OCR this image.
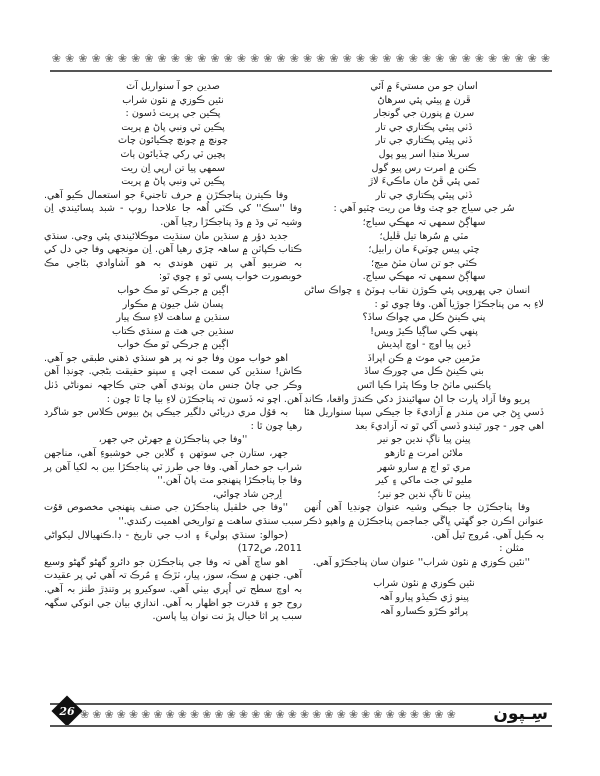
❀ ❀ ❀ ❀ ❀ ❀ ❀ ❀ ❀ ❀ ❀ ❀ ❀ ❀ ❀ ❀ ❀ ❀ ❀ ❀ ❀ ❀ ❀ ❀ ❀ ❀ ❀ ❀ ❀ ❀ ❀ ❀ ❀ ❀ ❀ ❀ ❀ ❀
اسان جو من مستيءَ ۾ آئي
ڦرن ۾ پيئي پئي سرهاڻ
سرن ۾ پنورن جي گونجار
ڏٺي پيئي پڪتاري جي تار
ڏٺي پيئي پڪتاري جي تار
سريلا منڊا اسر پيو پول
ڪنن ۾ امرت رس پيو گول
ٿمي پئي ڦڻ مان ماڪيءَ لاڙ
ڏٺي پيئي پڪتاري جي تار
سُر جي سياج جو چٽ وفا من ريت چٽيو آهي :
سهاڳڻ سمهي تہ مهڪي سياج؛
مٽي ۾ سُرها تيل ڦليل؛
چٽي پيس چوٽيءَ مان رابيل؛
ڪٽي جو تن سان مٽڻ ميڄ؛
سهاڳڻ سمهي تہ مهڪي سياج.
انسان جي ڀهروپي پئي ڪوڙن نقاب ہوٽڻ ۽ چواڪ ساڻن لاءِ بہ من پناجڪڙا جوڙيا آهن. وفا چوي ٿو :
پني ڪينڻ ڪل مي چواڪ ساڏ؟
پنهي ڪي ساڳيا ڪيڙ ويس!
ڏين پيا اوچ - اوچ اپديش
مڙمين جي موٽ ۾ ڪن اپراڏ
بني ڪينڻ ڪل مي چورڪ ساڏ
پاڪنبي ماٺڻ جا وڪا پٽرا ڪيا اٿس
پريو وفا آزاد ڀارت جا اڻ سهائيندڙ دکي ڪندڙ واقعا، ڪانڊ ڏسي ڀِڻ جي من مندر ۾ آزاديءَ جا جيڪي سپنا سنواريل هئا اهي چور - چور ٿيندو ڏسي آکي ٿو تہ آزاديءَ بعد
پيٺن پيا ناڳ ندين جو نير
ملائن امرت ۾ ٿازهو
مري ٿو اڄ ۾ سارو شهر
مليو ٿي جت ماکي ۽ کير
پيٺن ٿا ناڳ ندين جو نير؛
وفا پناجڪڙن جا جيڪي وشيہ عنوان چونڊيا آهن اُنهن عنوانن اڪرن جو گهٽي ڀاڱي جماجمن پناجڪڙن ۾ واهپو ذڪر بہ ڪيل آهي. مُروج ٿيل آهن.
مثلن :
''نئين ڪوزي ۾ نئون شراب'' عنوان سان پناجڪڙو آهي.
نئين ڪوزي ۾ نئون شراب
پينو ڙي ڪيڏو پيارو آهہ
پراڻو ڪڙو ڪسارو آهہ
صدين جو آ سنواريل آٽ
نئين ڪوزي ۾ نئون شراب
پڪين جي پريت ڏسون :
پڪين ٽي ونبي پاڻ ۾ پريت
چونچ ۾ چونچ چڪيائون چاٽ
ٻچين ٽي رکي چڏيائون ٻاٽ
سمهي پيا تن ارپي اِن ريت
پڪين ٽي ونبي پاڻ ۾ پريت
وفا ڪيترن پناجڪڙن ۾ حرف تاجنيءَ جو استعمال ڪيو آهي. وفا ''سڪ'' کي ڪٽي اُهہ جا علاحدا روپ - شبد پسائيندي اِن وشيہ ٽي وڌ ۾ وڌ پناجڪڙا رچيا آهن.
جديد دؤر ۾ سنڌين مان سنڌيت موڪلائيندي پئي وڃي. سنڌي ڪتاب ڪپاٽن ۾ ساهہ چڙي رهيا آهن. اِن مونجهي وفا جي دل کي بہ ضربيو آهي پر تنهن هوندي بہ هو آشاوادي بڻاجي مڪ خوبصورت خواب پسي ٿو ۽ چوي ٿو:
اڳين ۾ جرڪي ٿو مڪ خواب
پسان شل جيون ۾ مڪوار
سنڌين ۾ ساهت لاءِ سڪ پيار
سنڌين جي هٽ ۾ سنڌي ڪتاب
اڳين ۾ جرڪي ٿو مڪ خواب
اهو خواب مون وفا جو نہ پر هو سنڌي ذهني طبقي جو آهي. ڪاش! سنڌين کي سمت اچي ۽ سپنو حقيقت بڻجي. چونڊا آهن وڪر جي چاڻ جنس مان پوندي آهي جتي ڪاجهہ نموناڻي ڏٺل آهن. اچو تہ ڏسون تہ پناجڪڙن لاءِ بيا چا ٿا چون :
بہ قوُل مري دريائي دلگير جيڪي پڻ بيوس ڪلاس جو شاگرد رهيا چون ٿا :
''وفا جي پناجڪڙن ۾ جهرڻن جي جهر،
جهر، ستارن جي سوتهن ۽ گلابن جي خوشبوءِ آهي، مناجهن شراب جو خمار آهي. وفا جي طرز ٽي پناجڪڙا بين بہ لکيا آهن پر وفا جا پناجڪڙا پنهنجو مٽ پاڻ آهن.''
اِرجن شاد چوائي،
''وفا جي خلقيل پناجڪڙن جي صنف پنهنجي مخصوص قوُت سبب سنڌي ساهت ۾ تواريخي اهميت رکندي.''
(حوالو: سنڌي ٻوليءَ ۽ ادب جي تاريخ - ڊا.ڪنهيالال ليکواڻي 2011، ص172)
اهو ساچ آهي تہ وفا جي پناجڪڙن جو دائرو گهڻو گهڻو وسيع آهي. جنهن ۾ سڪ، سوز، پيار، ٽڙڪ ۽ مُرڪ تہ آهي ئي پر عقيدت بہ اوچ سطح تي اُڀري بيٺي آهي. سوکيرو پر وتنڊڙ طنز بہ آهي. روح جو ۽ قدرت جو اظهار بہ آهي. اندازي بيان جي انوکي سگهہ سبب پر اثا خيال پڙ نت نوان پيا پاسن.
26 ❀ ❀ ❀ ❀ ❀ ❀ ❀ ❀ ❀ ❀ ❀ ❀ ❀ ❀ ❀ ❀ ❀ ❀ ❀ ❀ ❀ ❀ ❀ ❀ ❀ ❀ ❀ ❀ ❀ ❀ ❀ سِـپون
